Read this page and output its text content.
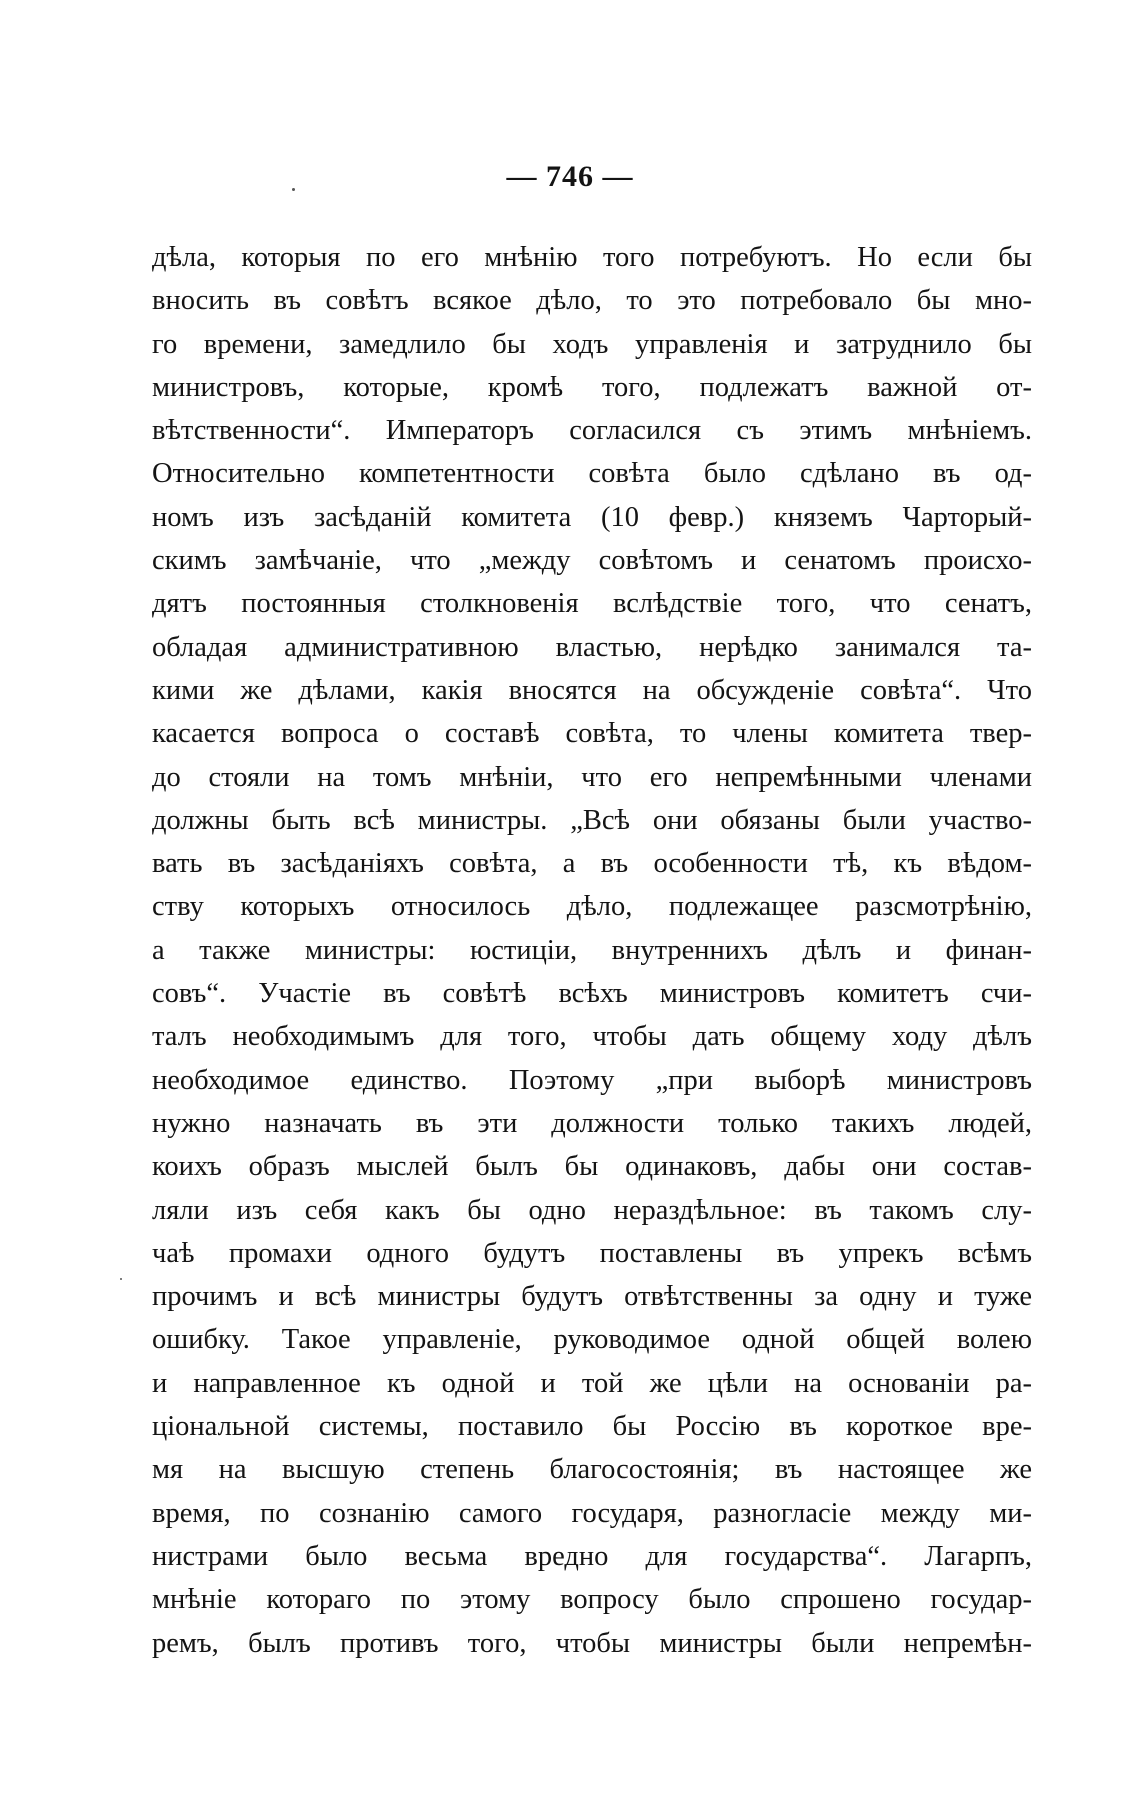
— 746 —
дѣла, которыя по его мнѣнію того потребуютъ. Но если бы
вносить въ совѣтъ всякое дѣло, то это потребовало бы мно-
го времени, замедлило бы ходъ управленія и затруднило бы
министровъ, которые, кромѣ того, подлежатъ важной от-
вѣтственности“. Императоръ согласился съ этимъ мнѣніемъ.
Относительно компетентности совѣта было сдѣлано въ од-
номъ изъ засѣданій комитета (10 февр.) княземъ Чарторый-
скимъ замѣчаніе, что „между совѣтомъ и сенатомъ происхо-
дятъ постоянныя столкновенія вслѣдствіе того, что сенатъ,
обладая административною властью, нерѣдко занимался та-
кими же дѣлами, какія вносятся на обсужденіе совѣта“. Что
касается вопроса о составѣ совѣта, то члены комитета твер-
до стояли на томъ мнѣніи, что его непремѣнными членами
должны быть всѣ министры. „Всѣ они обязаны были участво-
вать въ засѣданіяхъ совѣта, а въ особенности тѣ, къ вѣдом-
ству которыхъ относилось дѣло, подлежащее разсмотрѣнію,
а также министры: юстиціи, внутреннихъ дѣлъ и финан-
совъ“. Участіе въ совѣтѣ всѣхъ министровъ комитетъ счи-
талъ необходимымъ для того, чтобы дать общему ходу дѣлъ
необходимое единство. Поэтому „при выборѣ министровъ
нужно назначать въ эти должности только такихъ людей,
коихъ образъ мыслей былъ бы одинаковъ, дабы они состав-
ляли изъ себя какъ бы одно нераздѣльное: въ такомъ слу-
чаѣ промахи одного будутъ поставлены въ упрекъ всѣмъ
прочимъ и всѣ министры будутъ отвѣтственны за одну и туже
ошибку. Такое управленіе, руководимое одной общей волею
и направленное къ одной и той же цѣли на основаніи ра-
ціональной системы, поставило бы Россію въ короткое вре-
мя на высшую степень благосостоянія; въ настоящее же
время, по сознанію самого государя, разногласіе между ми-
нистрами было весьма вредно для государства“. Лагарпъ,
мнѣніе котораго по этому вопросу было спрошено государ-
ремъ, былъ противъ того, чтобы министры были непремѣн-
